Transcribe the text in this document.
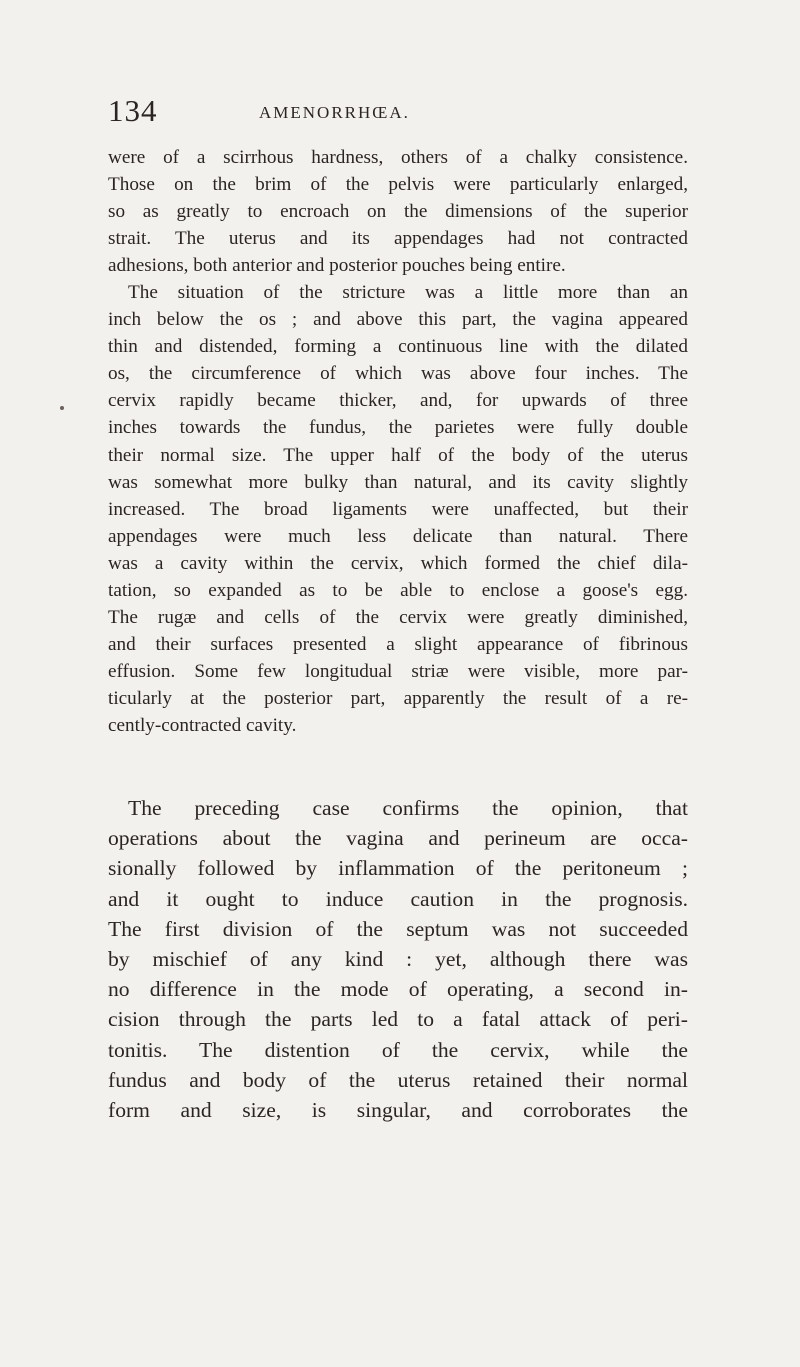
134	AMENORRHŒA.
were of a scirrhous hardness, others of a chalky consistence.
Those on the brim of the pelvis were particularly enlarged,
so as greatly to encroach on the dimensions of the superior
strait. The uterus and its appendages had not contracted
adhesions, both anterior and posterior pouches being entire.
The situation of the stricture was a little more than an
inch below the os ; and above this part, the vagina appeared
thin and distended, forming a continuous line with the dilated
os, the circumference of which was above four inches. The
cervix rapidly became thicker, and, for upwards of three
inches towards the fundus, the parietes were fully double
their normal size. The upper half of the body of the uterus
was somewhat more bulky than natural, and its cavity slightly
increased. The broad ligaments were unaffected, but their
appendages were much less delicate than natural. There
was a cavity within the cervix, which formed the chief dila-
tation, so expanded as to be able to enclose a goose's egg.
The rugæ and cells of the cervix were greatly diminished,
and their surfaces presented a slight appearance of fibrinous
effusion. Some few longitudual striæ were visible, more par-
ticularly at the posterior part, apparently the result of a re-
cently-contracted cavity.
The preceding case confirms the opinion, that
operations about the vagina and perineum are occa-
sionally followed by inflammation of the peritoneum ;
and it ought to induce caution in the prognosis.
The first division of the septum was not succeeded
by mischief of any kind : yet, although there was
no difference in the mode of operating, a second in-
cision through the parts led to a fatal attack of peri-
tonitis. The distention of the cervix, while the
fundus and body of the uterus retained their normal
form and size, is singular, and corroborates the
